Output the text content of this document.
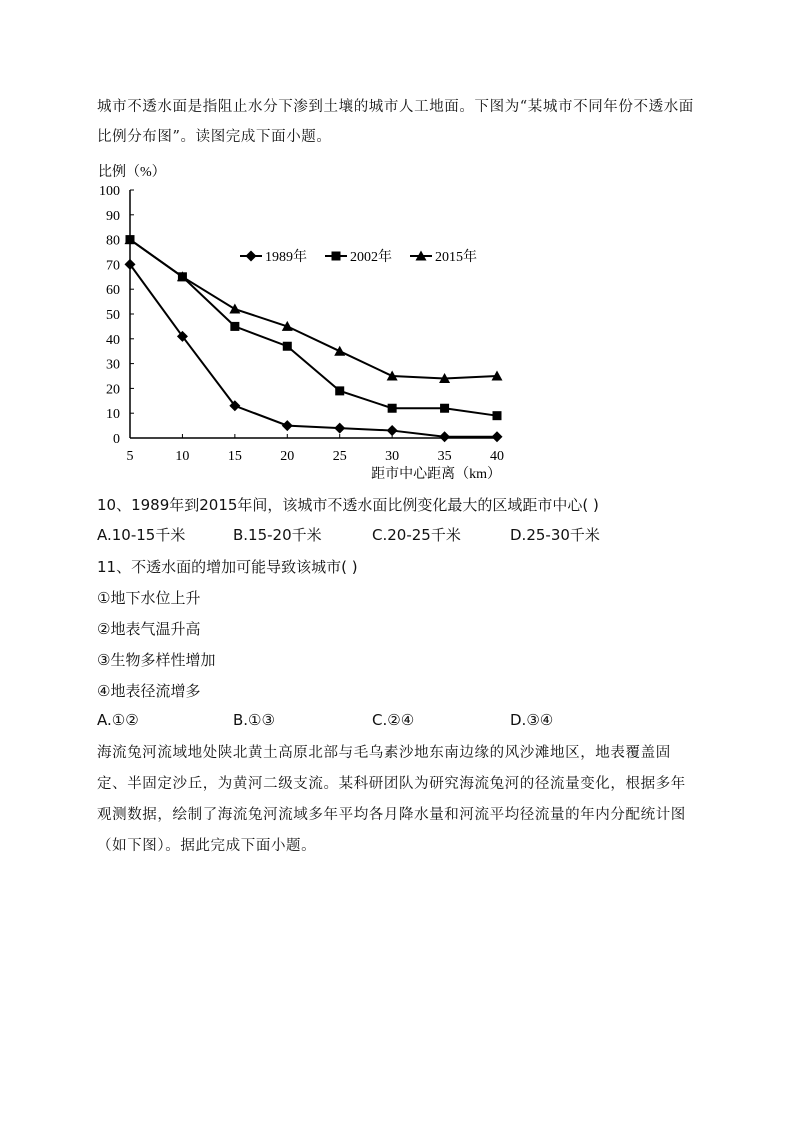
城市不透水面是指阻止水分下渗到土壤的城市人工地面。下图为“某城市不同年份不透水面比例分布图”。读图完成下面小题。
100
90
80
70
60
50
40
30
20
10
0
5	10	15	20	25	30	35	40
比例（%）
距市中心距离（km）
1989年	2002年	2015年
10、1989年到2015年间，该城市不透水面比例变化最大的区域距市中心( )
A.10-15千米	B.15-20千米	C.20-25千米	D.25-30千米
11、不透水面的增加可能导致该城市( )
①地下水位上升
②地表气温升高
③生物多样性增加
④地表径流增多
A.①②	B.①③	C.②④	D.③④
海流兔河流域地处陕北黄土高原北部与毛乌素沙地东南边缘的风沙滩地区，地表覆盖固定、半固定沙丘，为黄河二级支流。某科研团队为研究海流兔河的径流量变化，根据多年观测数据，绘制了海流兔河流域多年平均各月降水量和河流平均径流量的年内分配统计图（如下图）。据此完成下面小题。
